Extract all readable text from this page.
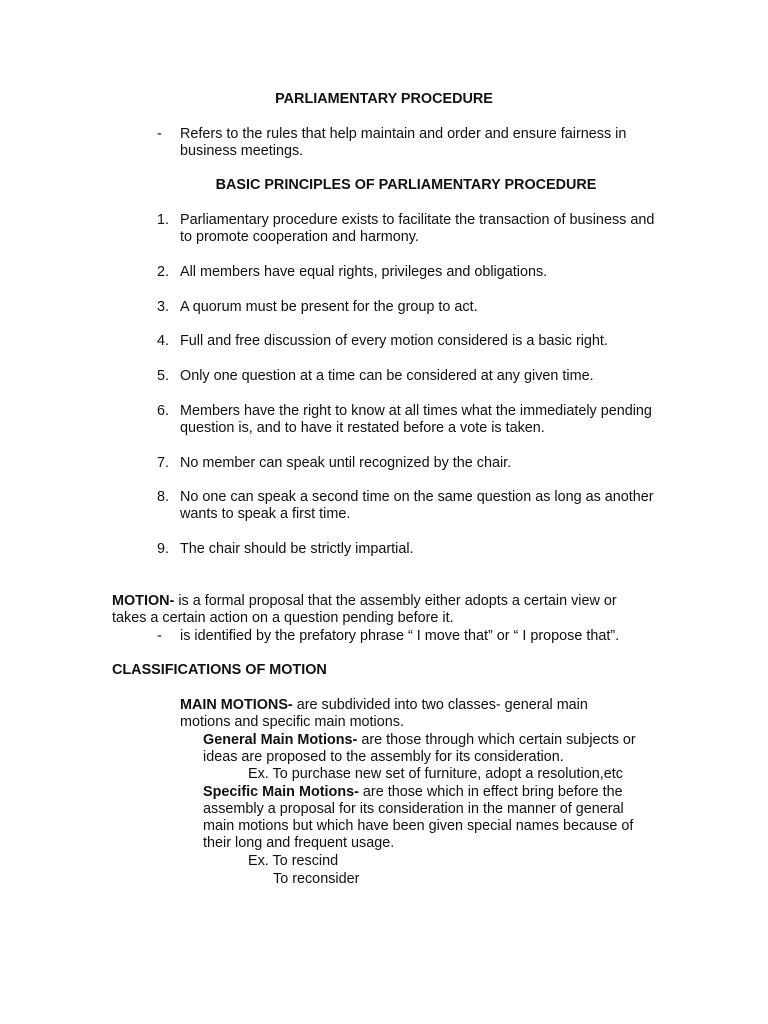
PARLIAMENTARY PROCEDURE
- Refers to the rules that help maintain and order and ensure fairness in business meetings.
BASIC PRINCIPLES OF PARLIAMENTARY PROCEDURE
1. Parliamentary procedure exists to facilitate the transaction of business and to promote cooperation and harmony.
2. All members have equal rights, privileges and obligations.
3. A quorum must be present for the group to act.
4. Full and free discussion of every motion considered is a basic right.
5. Only one question at a time can be considered at any given time.
6. Members have the right to know at all times what the immediately pending question is, and to have it restated before a vote is taken.
7. No member can speak until recognized by the chair.
8. No one can speak a second time on the same question as long as another wants to speak a first time.
9. The chair should be strictly impartial.
MOTION- is a formal proposal that the assembly either adopts a certain view or takes a certain action on a question pending before it.
- is identified by the prefatory phrase “ I move that” or “ I propose that”.
CLASSIFICATIONS OF MOTION
MAIN MOTIONS- are subdivided into two classes- general main motions and specific main motions.
General Main Motions- are those through which certain subjects or ideas are proposed to the assembly for its consideration.
Ex. To purchase new set of furniture, adopt a resolution,etc
Specific Main Motions- are those which in effect bring before the assembly a proposal for its consideration in the manner of general main motions but which have been given special names because of their long and frequent usage.
Ex. To rescind
To reconsider
